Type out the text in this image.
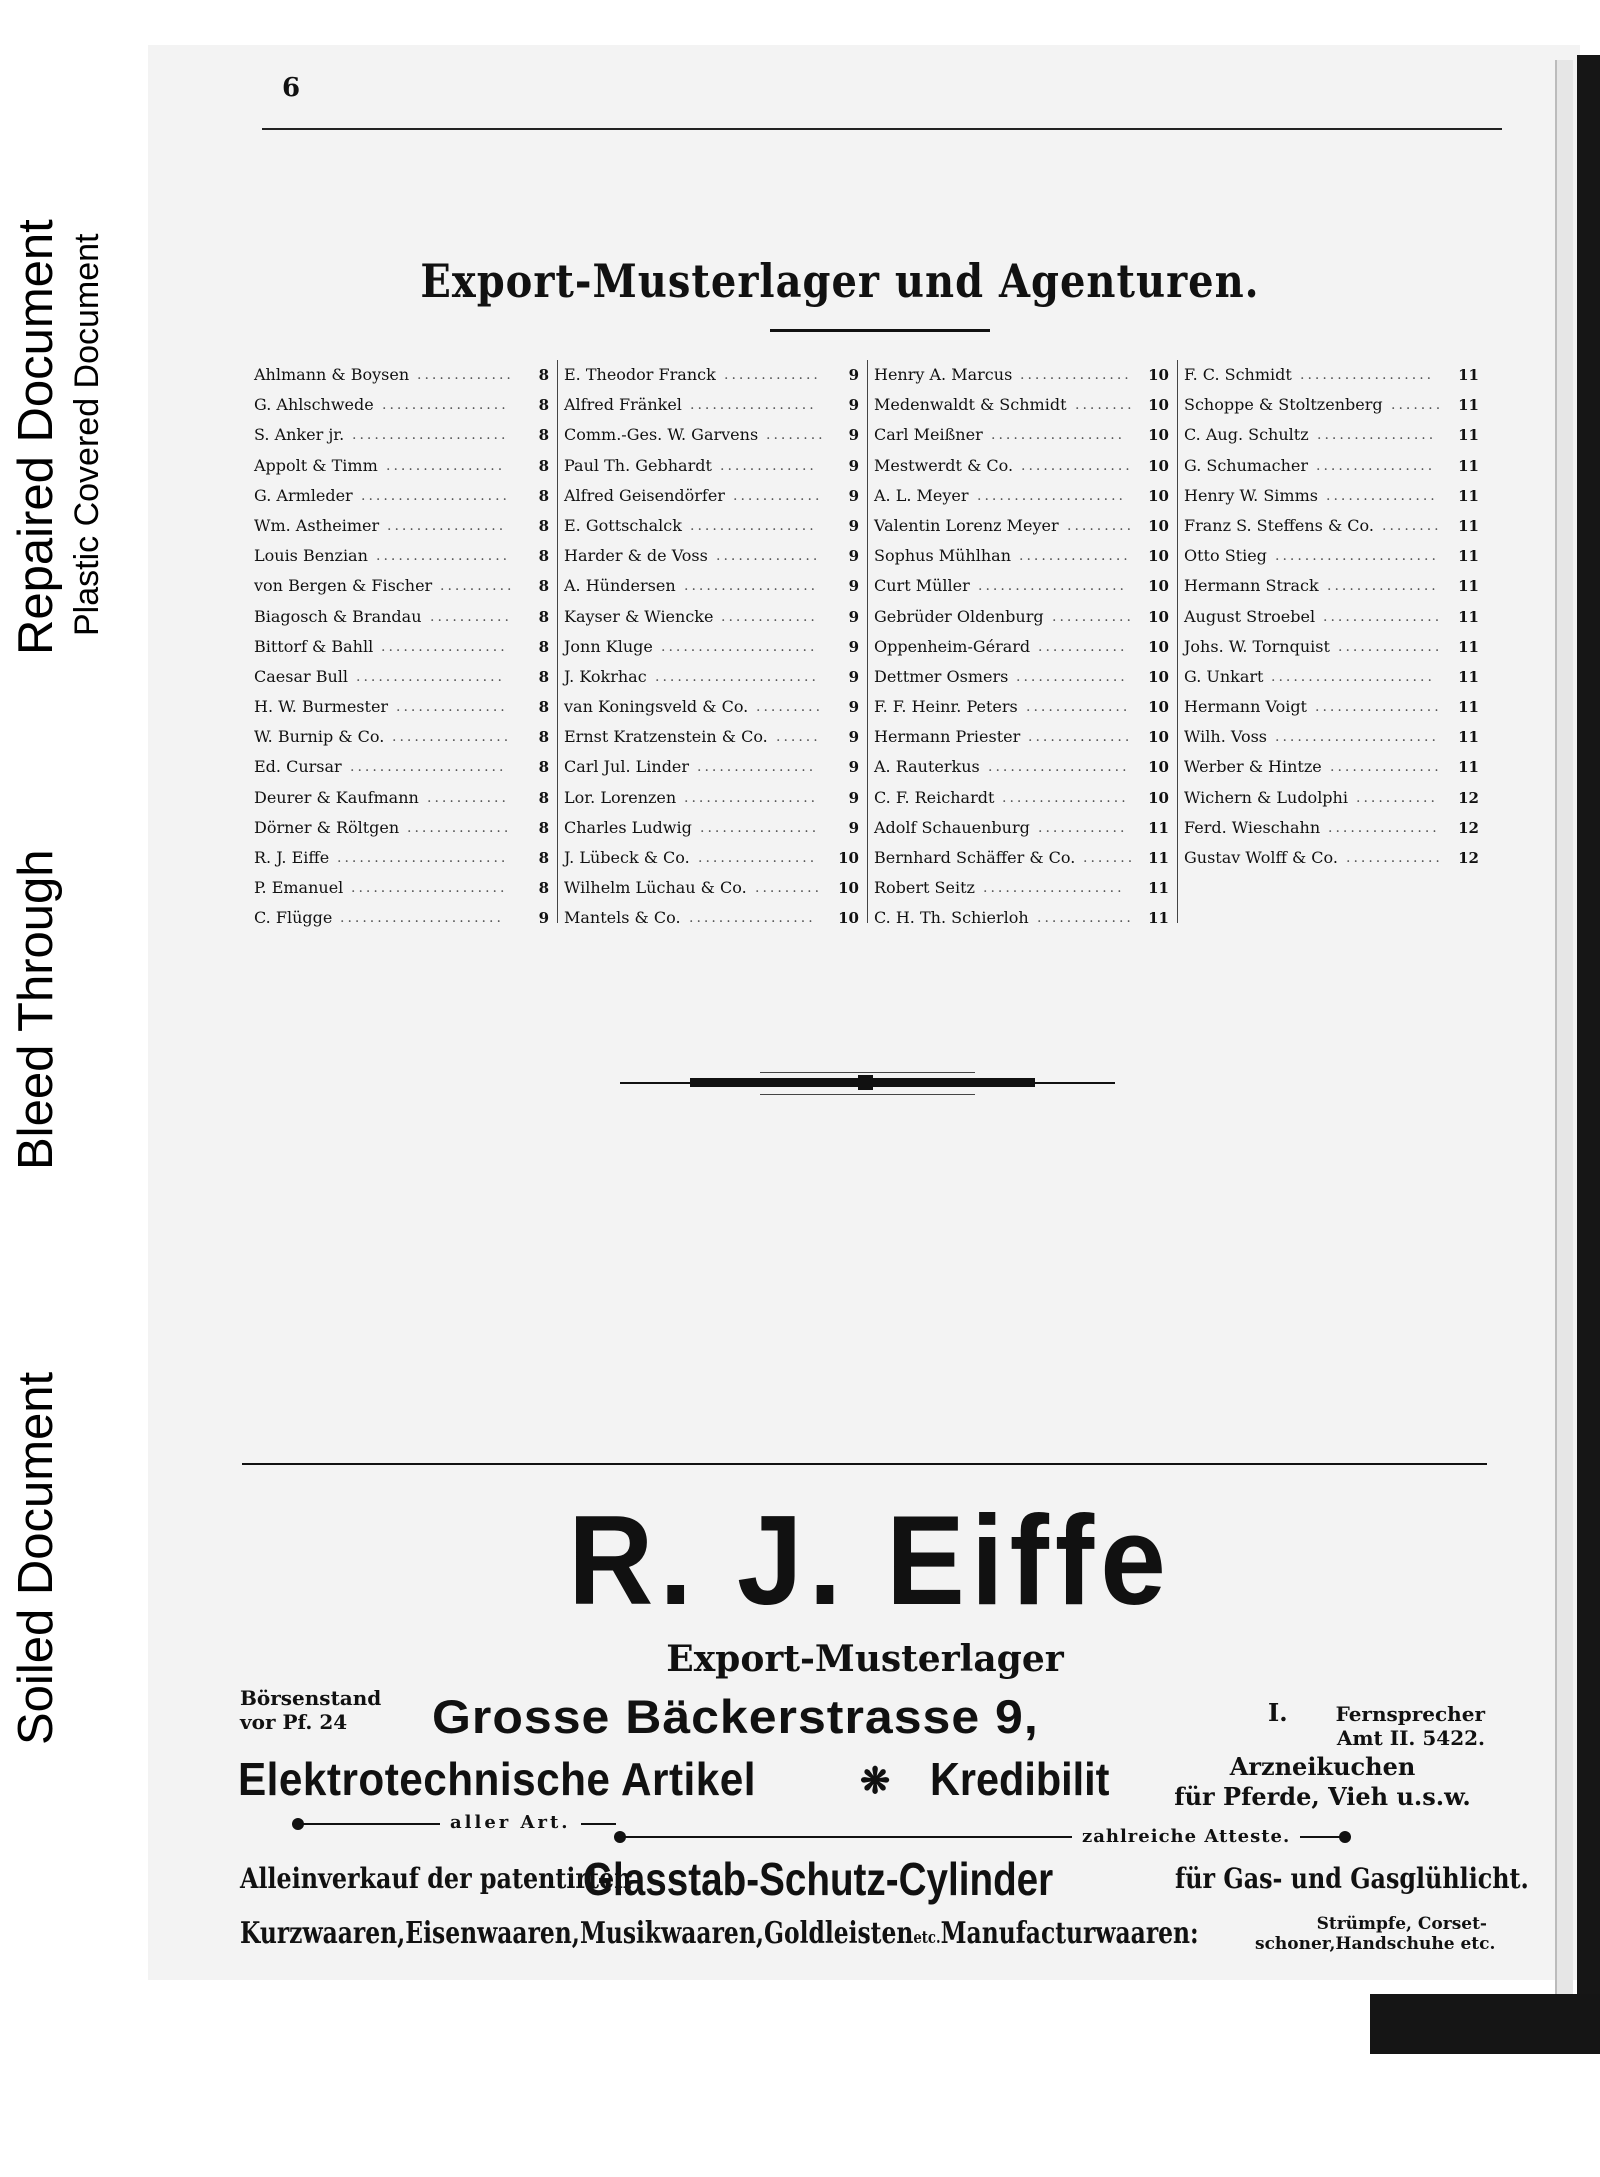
Soiled Document
Bleed Through
Repaired Document Plastic Covered Document
6
Export-Musterlager und Agenturen.
Ahlmann & Boysen ............. 8
G. Ahlschwede ................. 8
S. Anker jr. ..................... 8
Appolt & Timm ................ 8
G. Armleder .................... 8
Wm. Astheimer ................ 8
Louis Benzian .................. 8
von Bergen & Fischer .......... 8
Biagosch & Brandau ........... 8
Bittorf & Bahll ................. 8
Caesar Bull .................... 8
H. W. Burmester ............... 8
W. Burnip & Co. ................ 8
Ed. Cursar ..................... 8
Deurer & Kaufmann ........... 8
Dörner & Röltgen .............. 8
R. J. Eiffe ....................... 8
P. Emanuel ..................... 8
C. Flügge ...................... 9
E. Theodor Franck ............. 9
Alfred Fränkel ................. 9
Comm.-Ges. W. Garvens ........ 9
Paul Th. Gebhardt ............. 9
Alfred Geisendörfer ............ 9
E. Gottschalck ................. 9
Harder & de Voss .............. 9
A. Hündersen .................. 9
Kayser & Wiencke ............. 9
Jonn Kluge ..................... 9
J. Kokrhac ...................... 9
van Koningsveld & Co. ......... 9
Ernst Kratzenstein & Co. ...... 9
Carl Jul. Linder ................ 9
Lor. Lorenzen .................. 9
Charles Ludwig ................ 9
J. Lübeck & Co. ................ 10
Wilhelm Lüchau & Co. ......... 10
Mantels & Co. ................. 10
Henry A. Marcus ............... 10
Medenwaldt & Schmidt ........ 10
Carl Meißner .................. 10
Mestwerdt & Co. ............... 10
A. L. Meyer .................... 10
Valentin Lorenz Meyer ......... 10
Sophus Mühlhan ............... 10
Curt Müller .................... 10
Gebrüder Oldenburg ........... 10
Oppenheim-Gérard ............ 10
Dettmer Osmers ............... 10
F. F. Heinr. Peters .............. 10
Hermann Priester .............. 10
A. Rauterkus ................... 10
C. F. Reichardt ................. 10
Adolf Schauenburg ............ 11
Bernhard Schäffer & Co. ....... 11
Robert Seitz ................... 11
C. H. Th. Schierloh ............. 11
F. C. Schmidt .................. 11
Schoppe & Stoltzenberg ....... 11
C. Aug. Schultz ................ 11
G. Schumacher ................ 11
Henry W. Simms ............... 11
Franz S. Steffens & Co. ........ 11
Otto Stieg ...................... 11
Hermann Strack ............... 11
August Stroebel ................ 11
Johs. W. Tornquist .............. 11
G. Unkart ...................... 11
Hermann Voigt ................. 11
Wilh. Voss ...................... 11
Werber & Hintze ............... 11
Wichern & Ludolphi ........... 12
Ferd. Wieschahn ............... 12
Gustav Wolff & Co. ............. 12
R. J. Eiffe
Export-Musterlager
Börsenstand
vor Pf. 24	Grosse Bäckerstrasse 9,	I.	Fernsprecher
Amt II. 5422.
Elektrotechnische Artikel	❋ Kredibilit	Arzneikuchen
für Pferde, Vieh u.s.w.
aller Art.
zahlreiche Atteste.
Alleinverkauf der patentirten
Glasstab-Schutz-Cylinder	für Gas- und Gasglühlicht.
Kurzwaaren,Eisenwaaren,Musikwaaren,Goldleistenetc.Manufacturwaaren:	Strümpfe, Corset-
schoner,Handschuhe etc.
